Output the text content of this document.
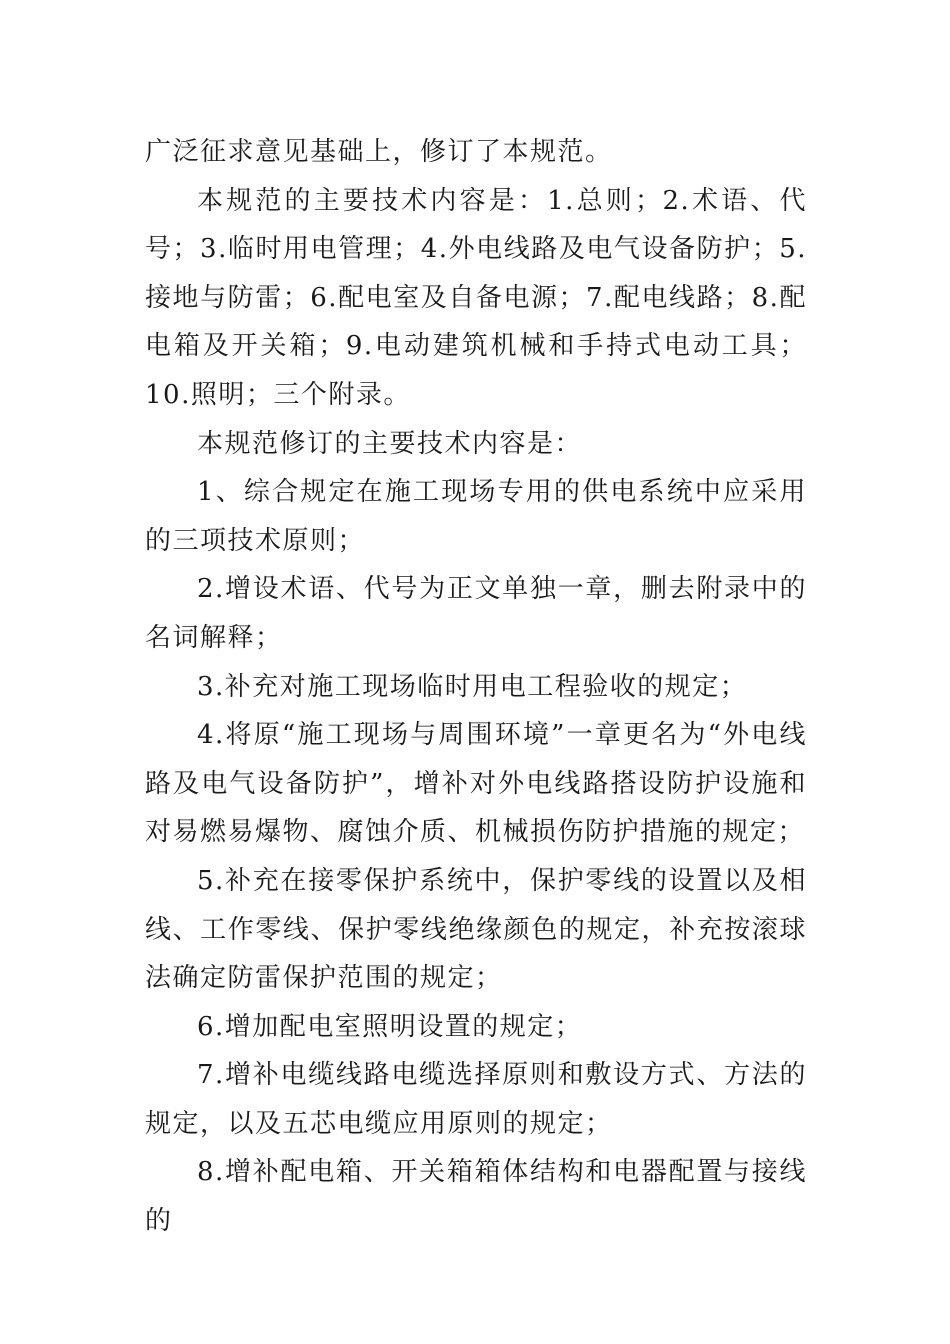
广泛征求意见基础上，修订了本规范。

本规范的主要技术内容是：1.总则；2.术语、代号；3.临时用电管理；4.外电线路及电气设备防护；5.接地与防雷；6.配电室及自备电源；7.配电线路；8.配电箱及开关箱；9.电动建筑机械和手持式电动工具；10.照明；三个附录。

本规范修订的主要技术内容是：

1、综合规定在施工现场专用的供电系统中应采用的三项技术原则；

2.增设术语、代号为正文单独一章，删去附录中的名词解释；

3.补充对施工现场临时用电工程验收的规定；

4.将原“施工现场与周围环境”一章更名为“外电线路及电气设备防护”，增补对外电线路搭设防护设施和对易燃易爆物、腐蚀介质、机械损伤防护措施的规定；

5.补充在接零保护系统中，保护零线的设置以及相线、工作零线、保护零线绝缘颜色的规定，补充按滚球法确定防雷保护范围的规定；

6.增加配电室照明设置的规定；

7.增补电缆线路电缆选择原则和敷设方式、方法的规定，以及五芯电缆应用原则的规定；

8.增补配电箱、开关箱箱体结构和电器配置与接线的
